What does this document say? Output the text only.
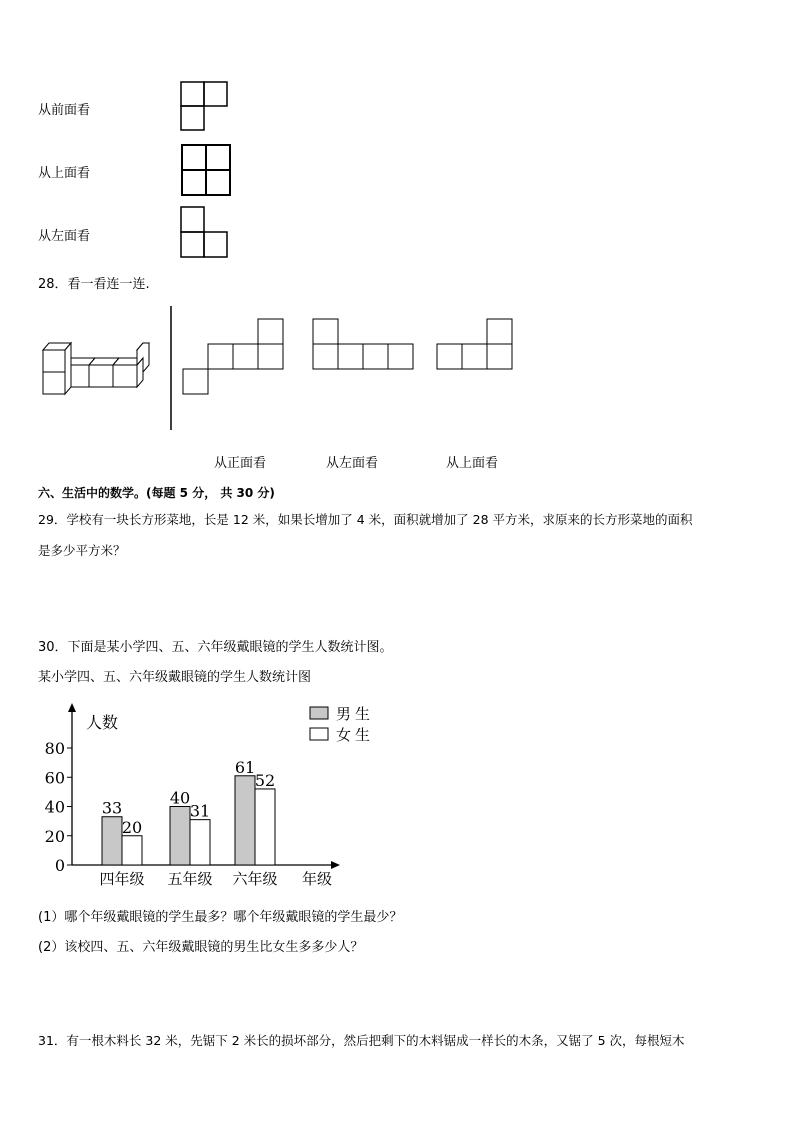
从前面看
从上面看
从左面看
28．看一看连一连.
从正面看	从左面看	从上面看
六、生活中的数学。(每题 5 分， 共 30 分)
29．学校有一块长方形菜地，长是 12 米，如果长增加了 4 米，面积就增加了 28 平方米，求原来的长方形菜地的面积
是多少平方米？
30．下面是某小学四、五、六年级戴眼镜的学生人数统计图。
某小学四、五、六年级戴眼镜的学生人数统计图
人数
年级
0
20
40
60
80
33
20
40
31
61
52
四年级 五年级 六年级
男生
女生
(1）哪个年级戴眼镜的学生最多？哪个年级戴眼镜的学生最少？
(2）该校四、五、六年级戴眼镜的男生比女生多多少人？
31．有一根木料长 32 米，先锯下 2 米长的损坏部分，然后把剩下的木料锯成一样长的木条，又锯了 5 次，每根短木
